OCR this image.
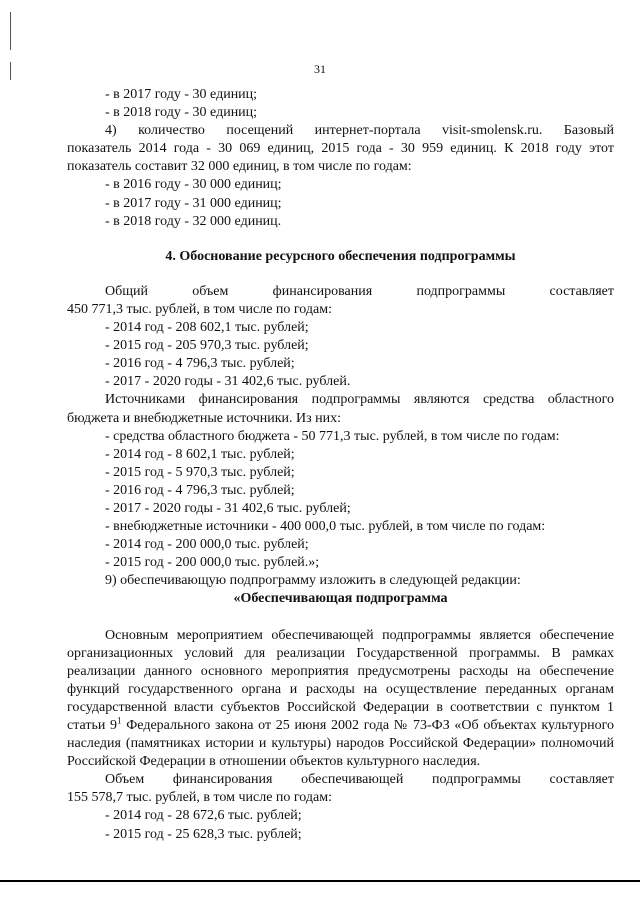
31

- в 2017 году - 30 единиц;

- в 2018 году - 30 единиц;

4) количество посещений интернет-портала visit-smolensk.ru. Базовый

показатель 2014 года - 30 069 единиц, 2015 года - 30 959 единиц. К 2018 году этот

показатель составит 32 000 единиц, в том числе по годам:

- в 2016 году - 30 000 единиц;

- в 2017 году - 31 000 единиц;

- в 2018 году - 32 000 единиц.

4. Обоснование ресурсного обеспечения подпрограммы

Общий объем финансирования подпрограммы составляет

450 771,3 тыс. рублей, в том числе по годам:

- 2014 год - 208 602,1 тыс. рублей;

- 2015 год - 205 970,3 тыс. рублей;

- 2016 год - 4 796,3 тыс. рублей;

- 2017 - 2020 годы - 31 402,6 тыс. рублей.

Источниками финансирования подпрограммы являются средства областного

бюджета и внебюджетные источники. Из них:

- средства областного бюджета - 50 771,3 тыс. рублей, в том числе по годам:

- 2014 год - 8 602,1 тыс. рублей;

- 2015 год - 5 970,3 тыс. рублей;

- 2016 год - 4 796,3 тыс. рублей;

- 2017 - 2020 годы - 31 402,6 тыс. рублей;

- внебюджетные источники - 400 000,0 тыс. рублей, в том числе по годам:

- 2014 год - 200 000,0 тыс. рублей;

- 2015 год - 200 000,0 тыс. рублей.»;

9) обеспечивающую подпрограмму изложить в следующей редакции:

«Обеспечивающая подпрограмма

Основным мероприятием обеспечивающей подпрограммы является обеспечение организационных условий для реализации Государственной программы. В рамках реализации данного основного мероприятия предусмотрены расходы на обеспечение функций государственного органа и расходы на осуществление переданных органам государственной власти субъектов Российской Федерации в соответствии с пунктом 1 статьи $9^1$ Федерального закона от 25 июня 2002 года № 73-ФЗ «Об объектах культурного наследия (памятниках истории и культуры) народов Российской Федерации» полномочий Российской Федерации в отношении объектов культурного наследия.

Объем финансирования обеспечивающей подпрограммы составляет

155 578,7 тыс. рублей, в том числе по годам:

- 2014 год - 28 672,6 тыс. рублей;

- 2015 год - 25 628,3 тыс. рублей;
